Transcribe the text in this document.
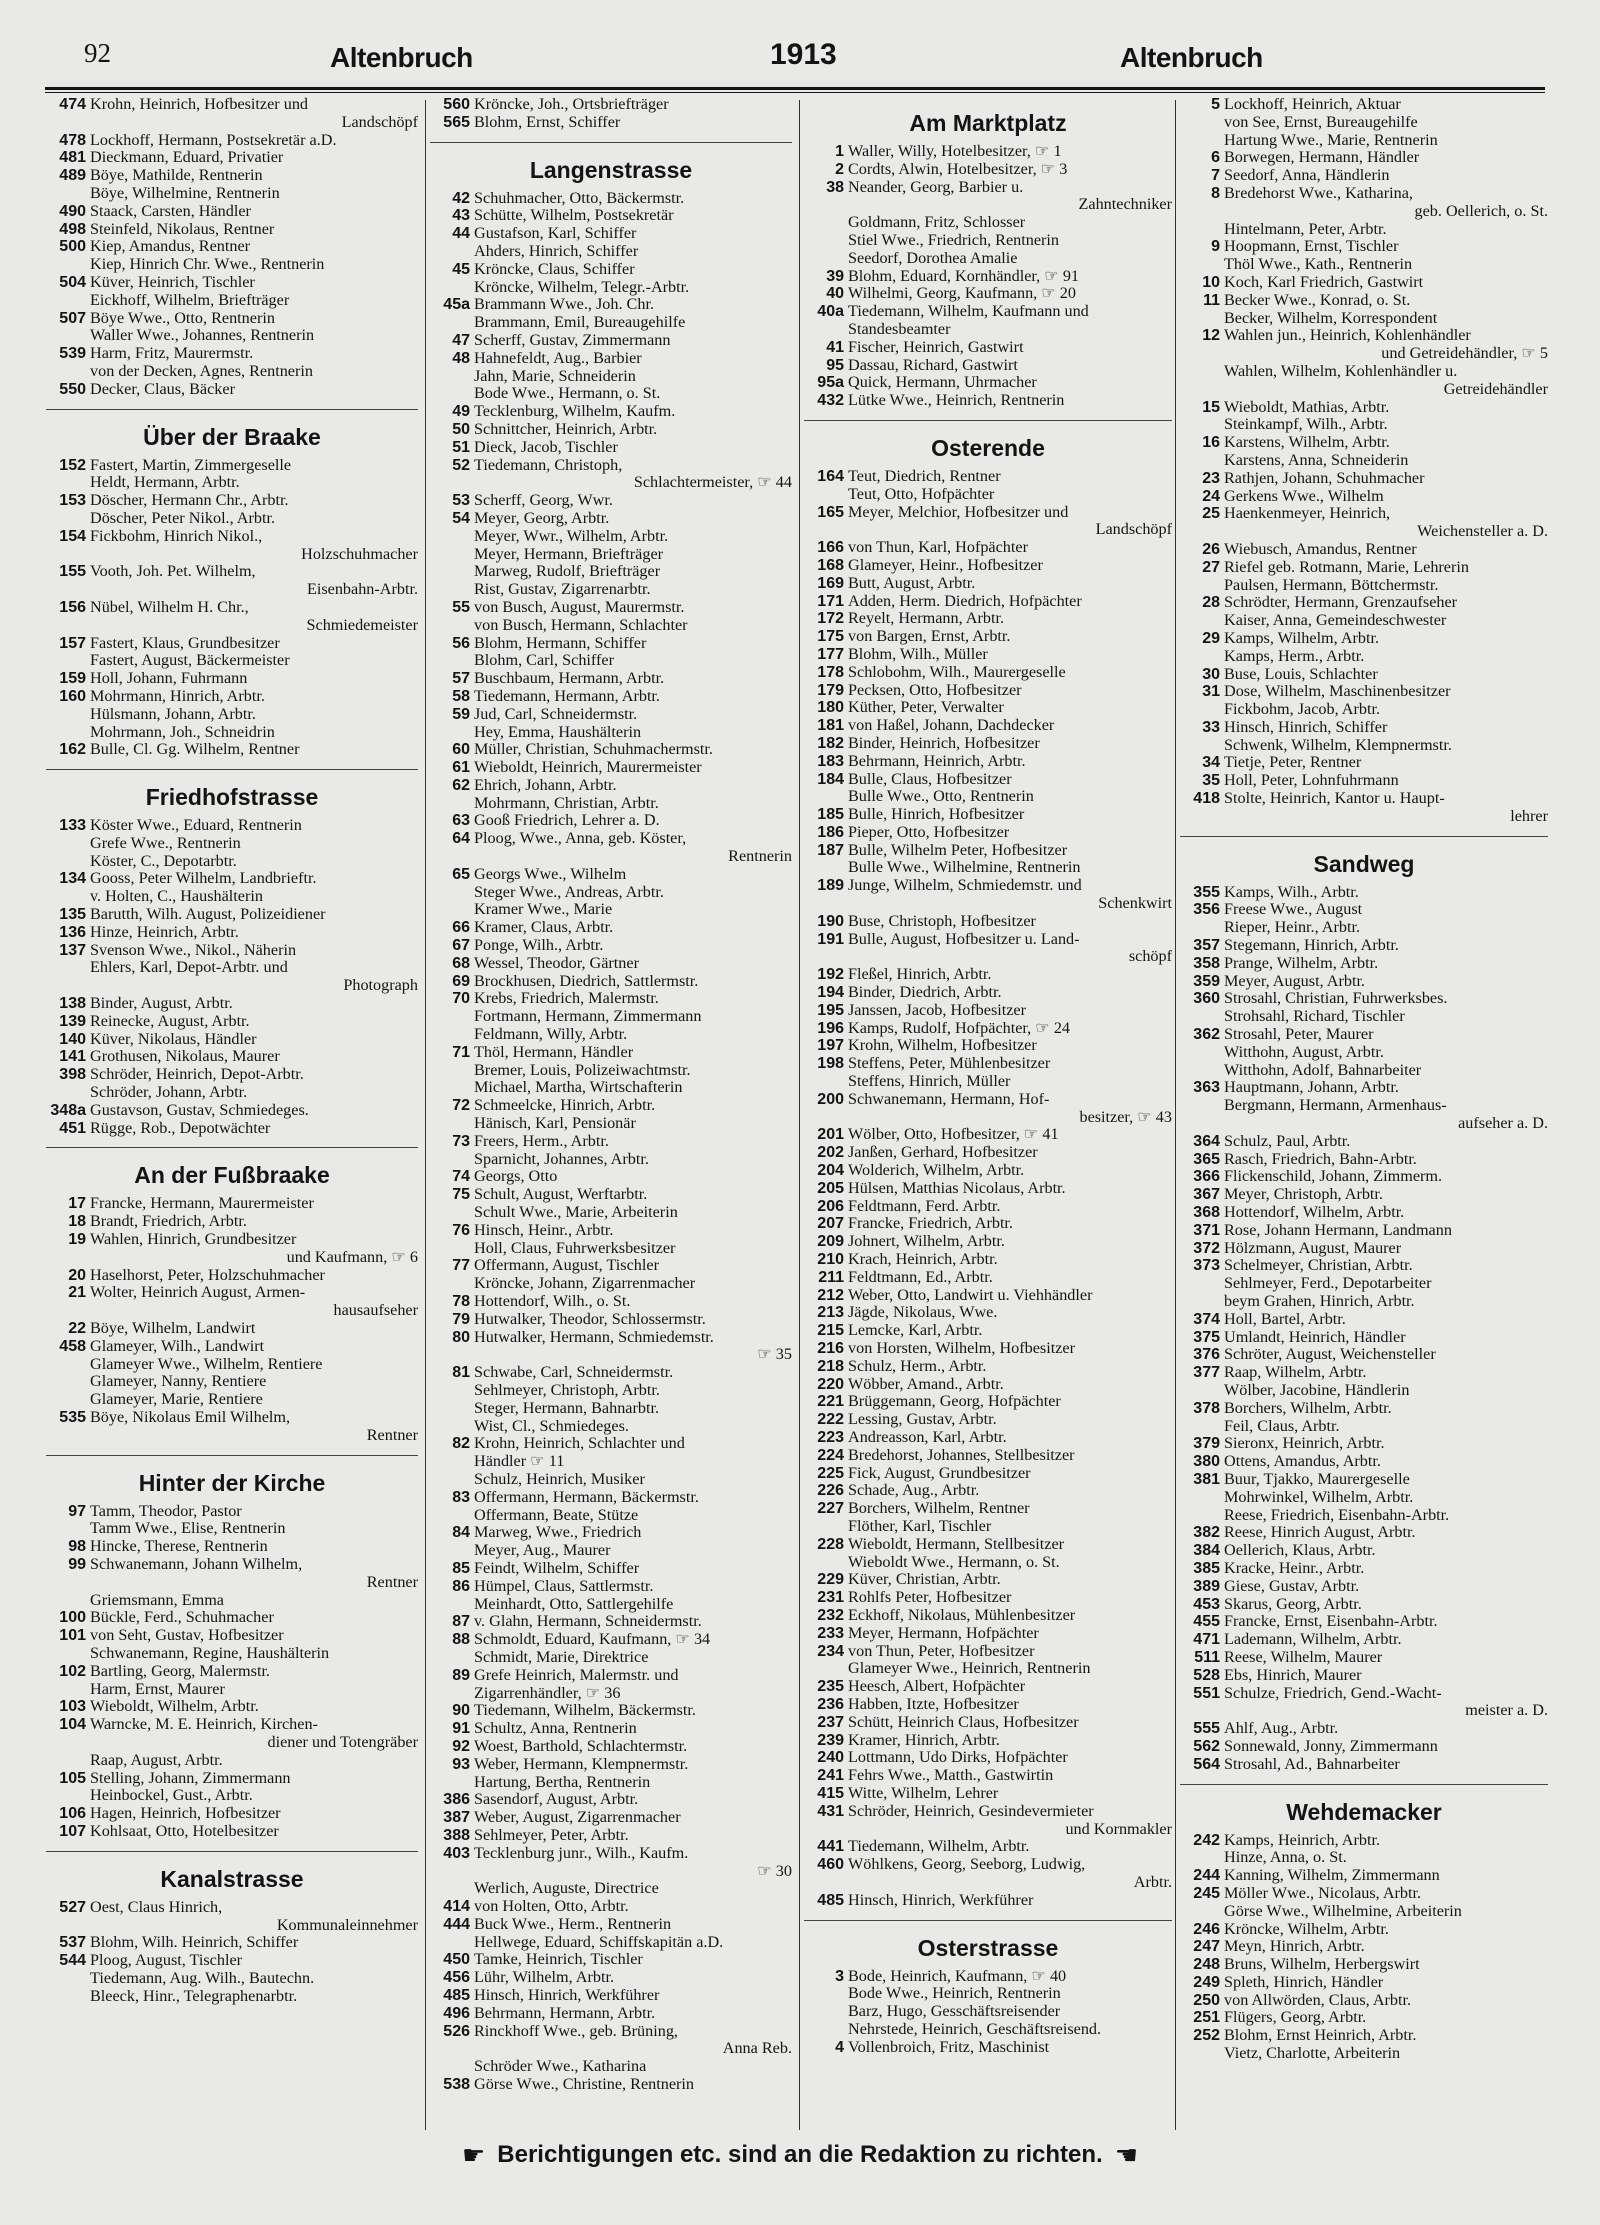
92	Altenbruch	1913	Altenbruch
474 Krohn, Heinrich, Hofbesitzer und
Landschöpf
478 Lockhoff, Hermann, Postsekretär a.D.
481 Dieckmann, Eduard, Privatier
489 Böye, Mathilde, Rentnerin
Böye, Wilhelmine, Rentnerin
490 Staack, Carsten, Händler
498 Steinfeld, Nikolaus, Rentner
500 Kiep, Amandus, Rentner
Kiep, Hinrich Chr. Wwe., Rentnerin
504 Küver, Heinrich, Tischler
Eickhoff, Wilhelm, Briefträger
507 Böye Wwe., Otto, Rentnerin
Waller Wwe., Johannes, Rentnerin
539 Harm, Fritz, Maurermstr.
von der Decken, Agnes, Rentnerin
550 Decker, Claus, Bäcker
Über der Braake
152 Fastert, Martin, Zimmergeselle
Heldt, Hermann, Arbtr.
153 Döscher, Hermann Chr., Arbtr.
Döscher, Peter Nikol., Arbtr.
154 Fickbohm, Hinrich Nikol.,
Holzschuhmacher
155 Vooth, Joh. Pet. Wilhelm,
Eisenbahn-Arbtr.
156 Nübel, Wilhelm H. Chr.,
Schmiedemeister
157 Fastert, Klaus, Grundbesitzer
Fastert, August, Bäckermeister
159 Holl, Johann, Fuhrmann
160 Mohrmann, Hinrich, Arbtr.
Hülsmann, Johann, Arbtr.
Mohrmann, Joh., Schneidrin
162 Bulle, Cl. Gg. Wilhelm, Rentner
Friedhofstrasse
133 Köster Wwe., Eduard, Rentnerin
Grefe Wwe., Rentnerin
Köster, C., Depotarbtr.
134 Gooss, Peter Wilhelm, Landbrieftr.
v. Holten, C., Haushälterin
135 Barutth, Wilh. August, Polizeidiener
136 Hinze, Heinrich, Arbtr.
137 Svenson Wwe., Nikol., Näherin
Ehlers, Karl, Depot-Arbtr. und
Photograph
138 Binder, August, Arbtr.
139 Reinecke, August, Arbtr.
140 Küver, Nikolaus, Händler
141 Grothusen, Nikolaus, Maurer
398 Schröder, Heinrich, Depot-Arbtr.
Schröder, Johann, Arbtr.
348a Gustavson, Gustav, Schmiedeges.
451 Rügge, Rob., Depotwächter
An der Fußbraake
17 Francke, Hermann, Maurermeister
18 Brandt, Friedrich, Arbtr.
19 Wahlen, Hinrich, Grundbesitzer
und Kaufmann, ☞ 6
20 Haselhorst, Peter, Holzschuhmacher
21 Wolter, Heinrich August, Armen-
hausaufseher
22 Böye, Wilhelm, Landwirt
458 Glameyer, Wilh., Landwirt
Glameyer Wwe., Wilhelm, Rentiere
Glameyer, Nanny, Rentiere
Glameyer, Marie, Rentiere
535 Böye, Nikolaus Emil Wilhelm,
Rentner
Hinter der Kirche
97 Tamm, Theodor, Pastor
Tamm Wwe., Elise, Rentnerin
98 Hincke, Therese, Rentnerin
99 Schwanemann, Johann Wilhelm,
Rentner
Griemsmann, Emma
100 Bückle, Ferd., Schuhmacher
101 von Seht, Gustav, Hofbesitzer
Schwanemann, Regine, Haushälterin
102 Bartling, Georg, Malermstr.
Harm, Ernst, Maurer
103 Wieboldt, Wilhelm, Arbtr.
104 Warncke, M. E. Heinrich, Kirchen-
diener und Totengräber
Raap, August, Arbtr.
105 Stelling, Johann, Zimmermann
Heinbockel, Gust., Arbtr.
106 Hagen, Heinrich, Hofbesitzer
107 Kohlsaat, Otto, Hotelbesitzer
Kanalstrasse
527 Oest, Claus Hinrich,
Kommunaleinnehmer
537 Blohm, Wilh. Heinrich, Schiffer
544 Ploog, August, Tischler
Tiedemann, Aug. Wilh., Bautechn.
Bleeck, Hinr., Telegraphenarbtr.
560 Kröncke, Joh., Ortsbriefträger
565 Blohm, Ernst, Schiffer
Langenstrasse
42 Schuhmacher, Otto, Bäckermstr.
43 Schütte, Wilhelm, Postsekretär
44 Gustafson, Karl, Schiffer
Ahders, Hinrich, Schiffer
45 Kröncke, Claus, Schiffer
Kröncke, Wilhelm, Telegr.-Arbtr.
45a Brammann Wwe., Joh. Chr.
Brammann, Emil, Bureaugehilfe
47 Scherff, Gustav, Zimmermann
48 Hahnefeldt, Aug., Barbier
Jahn, Marie, Schneiderin
Bode Wwe., Hermann, o. St.
49 Tecklenburg, Wilhelm, Kaufm.
50 Schnittcher, Heinrich, Arbtr.
51 Dieck, Jacob, Tischler
52 Tiedemann, Christoph,
Schlachtermeister, ☞ 44
53 Scherff, Georg, Wwr.
54 Meyer, Georg, Arbtr.
Meyer, Wwr., Wilhelm, Arbtr.
Meyer, Hermann, Briefträger
Marweg, Rudolf, Briefträger
Rist, Gustav, Zigarrenarbtr.
55 von Busch, August, Maurermstr.
von Busch, Hermann, Schlachter
56 Blohm, Hermann, Schiffer
Blohm, Carl, Schiffer
57 Buschbaum, Hermann, Arbtr.
58 Tiedemann, Hermann, Arbtr.
59 Jud, Carl, Schneidermstr.
Hey, Emma, Haushälterin
60 Müller, Christian, Schuhmachermstr.
61 Wieboldt, Heinrich, Maurermeister
62 Ehrich, Johann, Arbtr.
Mohrmann, Christian, Arbtr.
63 Gooß Friedrich, Lehrer a. D.
64 Ploog, Wwe., Anna, geb. Köster,
Rentnerin
65 Georgs Wwe., Wilhelm
Steger Wwe., Andreas, Arbtr.
Kramer Wwe., Marie
66 Kramer, Claus, Arbtr.
67 Ponge, Wilh., Arbtr.
68 Wessel, Theodor, Gärtner
69 Brockhusen, Diedrich, Sattlermstr.
70 Krebs, Friedrich, Malermstr.
Fortmann, Hermann, Zimmermann
Feldmann, Willy, Arbtr.
71 Thöl, Hermann, Händler
Bremer, Louis, Polizeiwachtmstr.
Michael, Martha, Wirtschafterin
72 Schmeelcke, Hinrich, Arbtr.
Hänisch, Karl, Pensionär
73 Freers, Herm., Arbtr.
Sparnicht, Johannes, Arbtr.
74 Georgs, Otto
75 Schult, August, Werftarbtr.
Schult Wwe., Marie, Arbeiterin
76 Hinsch, Heinr., Arbtr.
Holl, Claus, Fuhrwerksbesitzer
77 Offermann, August, Tischler
Kröncke, Johann, Zigarrenmacher
78 Hottendorf, Wilh., o. St.
79 Hutwalker, Theodor, Schlossermstr.
80 Hutwalker, Hermann, Schmiedemstr.
☞ 35
81 Schwabe, Carl, Schneidermstr.
Sehlmeyer, Christoph, Arbtr.
Steger, Hermann, Bahnarbtr.
Wist, Cl., Schmiedeges.
82 Krohn, Heinrich, Schlachter und
Händler ☞ 11
Schulz, Heinrich, Musiker
83 Offermann, Hermann, Bäckermstr.
Offermann, Beate, Stütze
84 Marweg, Wwe., Friedrich
Meyer, Aug., Maurer
85 Feindt, Wilhelm, Schiffer
86 Hümpel, Claus, Sattlermstr.
Meinhardt, Otto, Sattlergehilfe
87 v. Glahn, Hermann, Schneidermstr.
88 Schmoldt, Eduard, Kaufmann, ☞ 34
Schmidt, Marie, Direktrice
89 Grefe Heinrich, Malermstr. und
Zigarrenhändler, ☞ 36
90 Tiedemann, Wilhelm, Bäckermstr.
91 Schultz, Anna, Rentnerin
92 Woest, Barthold, Schlachtermstr.
93 Weber, Hermann, Klempnermstr.
Hartung, Bertha, Rentnerin
386 Sasendorf, August, Arbtr.
387 Weber, August, Zigarrenmacher
388 Sehlmeyer, Peter, Arbtr.
403 Tecklenburg junr., Wilh., Kaufm.
☞ 30
Werlich, Auguste, Directrice
414 von Holten, Otto, Arbtr.
444 Buck Wwe., Herm., Rentnerin
Hellwege, Eduard, Schiffskapitän a.D.
450 Tamke, Heinrich, Tischler
456 Lühr, Wilhelm, Arbtr.
485 Hinsch, Hinrich, Werkführer
496 Behrmann, Hermann, Arbtr.
526 Rinckhoff Wwe., geb. Brüning,
Anna Reb.
Schröder Wwe., Katharina
538 Görse Wwe., Christine, Rentnerin
Am Marktplatz
1 Waller, Willy, Hotelbesitzer, ☞ 1
2 Cordts, Alwin, Hotelbesitzer, ☞ 3
38 Neander, Georg, Barbier u.
Zahntechniker
Goldmann, Fritz, Schlosser
Stiel Wwe., Friedrich, Rentnerin
Seedorf, Dorothea Amalie
39 Blohm, Eduard, Kornhändler, ☞ 91
40 Wilhelmi, Georg, Kaufmann, ☞ 20
40a Tiedemann, Wilhelm, Kaufmann und
Standesbeamter
41 Fischer, Heinrich, Gastwirt
95 Dassau, Richard, Gastwirt
95a Quick, Hermann, Uhrmacher
432 Lütke Wwe., Heinrich, Rentnerin
Osterende
164 Teut, Diedrich, Rentner
Teut, Otto, Hofpächter
165 Meyer, Melchior, Hofbesitzer und
Landschöpf
166 von Thun, Karl, Hofpächter
168 Glameyer, Heinr., Hofbesitzer
169 Butt, August, Arbtr.
171 Adden, Herm. Diedrich, Hofpächter
172 Reyelt, Hermann, Arbtr.
175 von Bargen, Ernst, Arbtr.
177 Blohm, Wilh., Müller
178 Schlobohm, Wilh., Maurergeselle
179 Pecksen, Otto, Hofbesitzer
180 Küther, Peter, Verwalter
181 von Haßel, Johann, Dachdecker
182 Binder, Heinrich, Hofbesitzer
183 Behrmann, Heinrich, Arbtr.
184 Bulle, Claus, Hofbesitzer
Bulle Wwe., Otto, Rentnerin
185 Bulle, Hinrich, Hofbesitzer
186 Pieper, Otto, Hofbesitzer
187 Bulle, Wilhelm Peter, Hofbesitzer
Bulle Wwe., Wilhelmine, Rentnerin
189 Junge, Wilhelm, Schmiedemstr. und
Schenkwirt
190 Buse, Christoph, Hofbesitzer
191 Bulle, August, Hofbesitzer u. Land-
schöpf
192 Fleßel, Hinrich, Arbtr.
194 Binder, Diedrich, Arbtr.
195 Janssen, Jacob, Hofbesitzer
196 Kamps, Rudolf, Hofpächter, ☞ 24
197 Krohn, Wilhelm, Hofbesitzer
198 Steffens, Peter, Mühlenbesitzer
Steffens, Hinrich, Müller
200 Schwanemann, Hermann, Hof-
besitzer, ☞ 43
201 Wölber, Otto, Hofbesitzer, ☞ 41
202 Janßen, Gerhard, Hofbesitzer
204 Wolderich, Wilhelm, Arbtr.
205 Hülsen, Matthias Nicolaus, Arbtr.
206 Feldtmann, Ferd. Arbtr.
207 Francke, Friedrich, Arbtr.
209 Johnert, Wilhelm, Arbtr.
210 Krach, Heinrich, Arbtr.
211 Feldtmann, Ed., Arbtr.
212 Weber, Otto, Landwirt u. Viehhändler
213 Jägde, Nikolaus, Wwe.
215 Lemcke, Karl, Arbtr.
216 von Horsten, Wilhelm, Hofbesitzer
218 Schulz, Herm., Arbtr.
220 Wöbber, Amand., Arbtr.
221 Brüggemann, Georg, Hofpächter
222 Lessing, Gustav, Arbtr.
223 Andreasson, Karl, Arbtr.
224 Bredehorst, Johannes, Stellbesitzer
225 Fick, August, Grundbesitzer
226 Schade, Aug., Arbtr.
227 Borchers, Wilhelm, Rentner
Flöther, Karl, Tischler
228 Wieboldt, Hermann, Stellbesitzer
Wieboldt Wwe., Hermann, o. St.
229 Küver, Christian, Arbtr.
231 Rohlfs Peter, Hofbesitzer
232 Eckhoff, Nikolaus, Mühlenbesitzer
233 Meyer, Hermann, Hofpächter
234 von Thun, Peter, Hofbesitzer
Glameyer Wwe., Heinrich, Rentnerin
235 Heesch, Albert, Hofpächter
236 Habben, Itzte, Hofbesitzer
237 Schütt, Heinrich Claus, Hofbesitzer
239 Kramer, Hinrich, Arbtr.
240 Lottmann, Udo Dirks, Hofpächter
241 Fehrs Wwe., Matth., Gastwirtin
415 Witte, Wilhelm, Lehrer
431 Schröder, Heinrich, Gesindevermieter
und Kornmakler
441 Tiedemann, Wilhelm, Arbtr.
460 Wöhlkens, Georg, Seeborg, Ludwig,
Arbtr.
485 Hinsch, Hinrich, Werkführer
Osterstrasse
3 Bode, Heinrich, Kaufmann, ☞ 40
Bode Wwe., Heinrich, Rentnerin
Barz, Hugo, Gesschäftsreisender
Nehrstede, Heinrich, Geschäftsreisend.
4 Vollenbroich, Fritz, Maschinist
5 Lockhoff, Heinrich, Aktuar
von See, Ernst, Bureaugehilfe
Hartung Wwe., Marie, Rentnerin
6 Borwegen, Hermann, Händler
7 Seedorf, Anna, Händlerin
8 Bredehorst Wwe., Katharina,
geb. Oellerich, o. St.
Hintelmann, Peter, Arbtr.
9 Hoopmann, Ernst, Tischler
Thöl Wwe., Kath., Rentnerin
10 Koch, Karl Friedrich, Gastwirt
11 Becker Wwe., Konrad, o. St.
Becker, Wilhelm, Korrespondent
12 Wahlen jun., Heinrich, Kohlenhändler
und Getreidehändler, ☞ 5
Wahlen, Wilhelm, Kohlenhändler u.
Getreidehändler
15 Wieboldt, Mathias, Arbtr.
Steinkampf, Wilh., Arbtr.
16 Karstens, Wilhelm, Arbtr.
Karstens, Anna, Schneiderin
23 Rathjen, Johann, Schuhmacher
24 Gerkens Wwe., Wilhelm
25 Haenkenmeyer, Heinrich,
Weichensteller a. D.
26 Wiebusch, Amandus, Rentner
27 Riefel geb. Rotmann, Marie, Lehrerin
Paulsen, Hermann, Böttchermstr.
28 Schrödter, Hermann, Grenzaufseher
Kaiser, Anna, Gemeindeschwester
29 Kamps, Wilhelm, Arbtr.
Kamps, Herm., Arbtr.
30 Buse, Louis, Schlachter
31 Dose, Wilhelm, Maschinenbesitzer
Fickbohm, Jacob, Arbtr.
33 Hinsch, Hinrich, Schiffer
Schwenk, Wilhelm, Klempnermstr.
34 Tietje, Peter, Rentner
35 Holl, Peter, Lohnfuhrmann
418 Stolte, Heinrich, Kantor u. Haupt-
lehrer
Sandweg
355 Kamps, Wilh., Arbtr.
356 Freese Wwe., August
Rieper, Heinr., Arbtr.
357 Stegemann, Hinrich, Arbtr.
358 Prange, Wilhelm, Arbtr.
359 Meyer, August, Arbtr.
360 Strosahl, Christian, Fuhrwerksbes.
Strohsahl, Richard, Tischler
362 Strosahl, Peter, Maurer
Witthohn, August, Arbtr.
Witthohn, Adolf, Bahnarbeiter
363 Hauptmann, Johann, Arbtr.
Bergmann, Hermann, Armenhaus-
aufseher a. D.
364 Schulz, Paul, Arbtr.
365 Rasch, Friedrich, Bahn-Arbtr.
366 Flickenschild, Johann, Zimmerm.
367 Meyer, Christoph, Arbtr.
368 Hottendorf, Wilhelm, Arbtr.
371 Rose, Johann Hermann, Landmann
372 Hölzmann, August, Maurer
373 Schelmeyer, Christian, Arbtr.
Sehlmeyer, Ferd., Depotarbeiter
beym Grahen, Hinrich, Arbtr.
374 Holl, Bartel, Arbtr.
375 Umlandt, Heinrich, Händler
376 Schröter, August, Weichensteller
377 Raap, Wilhelm, Arbtr.
Wölber, Jacobine, Händlerin
378 Borchers, Wilhelm, Arbtr.
Feil, Claus, Arbtr.
379 Sieronx, Heinrich, Arbtr.
380 Ottens, Amandus, Arbtr.
381 Buur, Tjakko, Maurergeselle
Mohrwinkel, Wilhelm, Arbtr.
Reese, Friedrich, Eisenbahn-Arbtr.
382 Reese, Hinrich August, Arbtr.
384 Oellerich, Klaus, Arbtr.
385 Kracke, Heinr., Arbtr.
389 Giese, Gustav, Arbtr.
453 Skarus, Georg, Arbtr.
455 Francke, Ernst, Eisenbahn-Arbtr.
471 Lademann, Wilhelm, Arbtr.
511 Reese, Wilhelm, Maurer
528 Ebs, Hinrich, Maurer
551 Schulze, Friedrich, Gend.-Wacht-
meister a. D.
555 Ahlf, Aug., Arbtr.
562 Sonnewald, Jonny, Zimmermann
564 Strosahl, Ad., Bahnarbeiter
Wehdemacker
242 Kamps, Heinrich, Arbtr.
Hinze, Anna, o. St.
244 Kanning, Wilhelm, Zimmermann
245 Möller Wwe., Nicolaus, Arbtr.
Görse Wwe., Wilhelmine, Arbeiterin
246 Kröncke, Wilhelm, Arbtr.
247 Meyn, Hinrich, Arbtr.
248 Bruns, Wilhelm, Herbergswirt
249 Spleth, Hinrich, Händler
250 von Allwörden, Claus, Arbtr.
251 Flügers, Georg, Arbtr.
252 Blohm, Ernst Heinrich, Arbtr.
Vietz, Charlotte, Arbeiterin
☛ Berichtigungen etc. sind an die Redaktion zu richten. ☚
